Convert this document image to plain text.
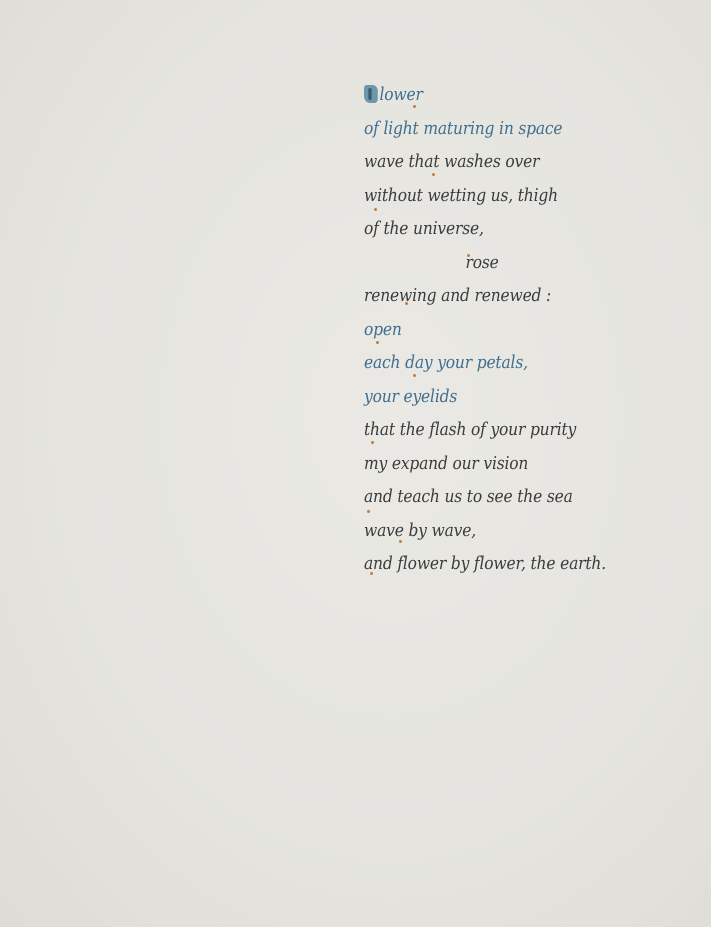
lower
of light maturing in space
wave that washes over
without wetting us, thigh
of the universe,
rose
renewing and renewed :
open
each day your petals,
your eyelids
that the flash of your purity
my expand our vision
and teach us to see the sea
wave by wave,
and flower by flower, the earth.
